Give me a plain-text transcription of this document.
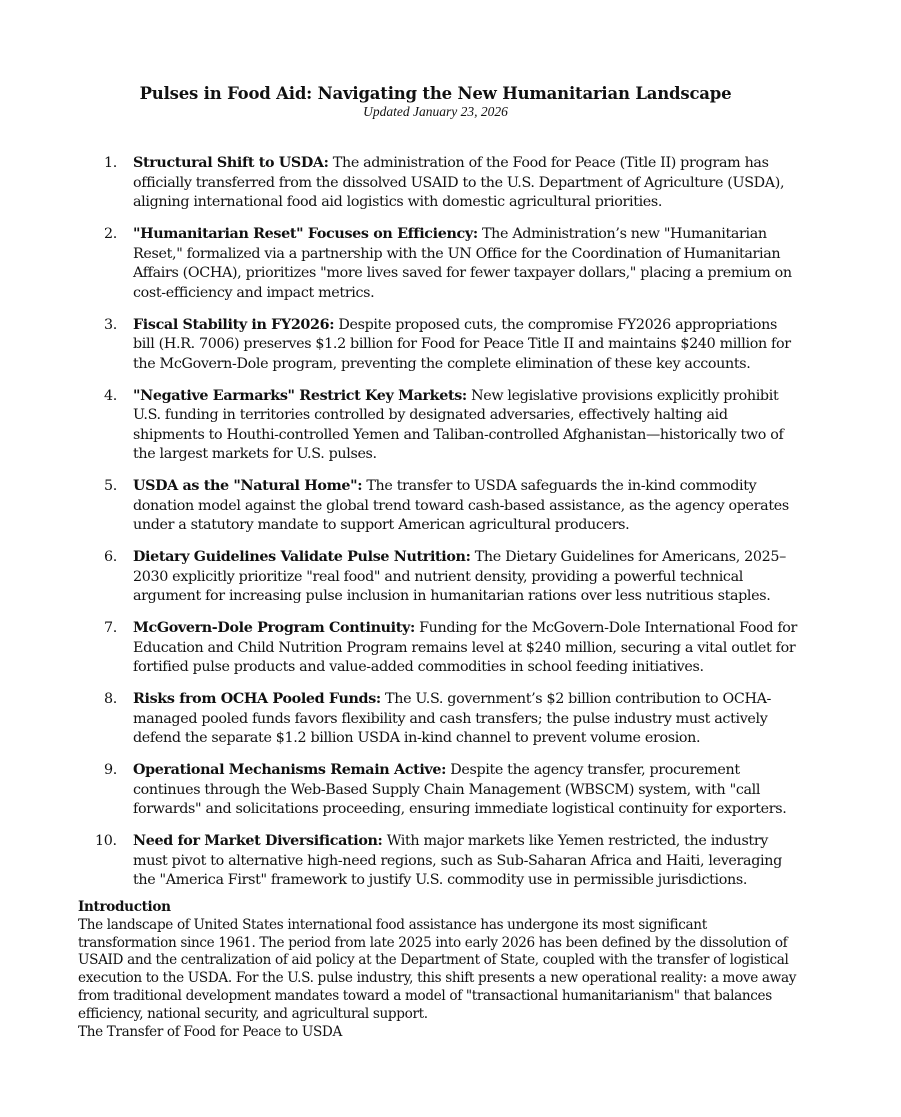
Pulses in Food Aid: Navigating the New Humanitarian Landscape
Updated January 23, 2026
1.	Structural Shift to USDA: The administration of the Food for Peace (Title II) program has officially transferred from the dissolved USAID to the U.S. Department of Agriculture (USDA), aligning international food aid logistics with domestic agricultural priorities.
2.	"Humanitarian Reset" Focuses on Efficiency: The Administration’s new "Humanitarian Reset," formalized via a partnership with the UN Office for the Coordination of Humanitarian Affairs (OCHA), prioritizes "more lives saved for fewer taxpayer dollars," placing a premium on cost-efficiency and impact metrics.
3.	Fiscal Stability in FY2026: Despite proposed cuts, the compromise FY2026 appropriations bill (H.R. 7006) preserves $1.2 billion for Food for Peace Title II and maintains $240 million for the McGovern-Dole program, preventing the complete elimination of these key accounts.
4.	"Negative Earmarks" Restrict Key Markets: New legislative provisions explicitly prohibit U.S. funding in territories controlled by designated adversaries, effectively halting aid shipments to Houthi-controlled Yemen and Taliban-controlled Afghanistan—historically two of the largest markets for U.S. pulses.
5.	USDA as the "Natural Home": The transfer to USDA safeguards the in-kind commodity donation model against the global trend toward cash-based assistance, as the agency operates under a statutory mandate to support American agricultural producers.
6.	Dietary Guidelines Validate Pulse Nutrition: The Dietary Guidelines for Americans, 2025–2030 explicitly prioritize "real food" and nutrient density, providing a powerful technical argument for increasing pulse inclusion in humanitarian rations over less nutritious staples.
7.	McGovern-Dole Program Continuity: Funding for the McGovern-Dole International Food for Education and Child Nutrition Program remains level at $240 million, securing a vital outlet for fortified pulse products and value-added commodities in school feeding initiatives.
8.	Risks from OCHA Pooled Funds: The U.S. government’s $2 billion contribution to OCHA-managed pooled funds favors flexibility and cash transfers; the pulse industry must actively defend the separate $1.2 billion USDA in-kind channel to prevent volume erosion.
9.	Operational Mechanisms Remain Active: Despite the agency transfer, procurement continues through the Web-Based Supply Chain Management (WBSCM) system, with "call forwards" and solicitations proceeding, ensuring immediate logistical continuity for exporters.
10. Need for Market Diversification: With major markets like Yemen restricted, the industry must pivot to alternative high-need regions, such as Sub-Saharan Africa and Haiti, leveraging the "America First" framework to justify U.S. commodity use in permissible jurisdictions.
Introduction
The landscape of United States international food assistance has undergone its most significant transformation since 1961. The period from late 2025 into early 2026 has been defined by the dissolution of USAID and the centralization of aid policy at the Department of State, coupled with the transfer of logistical execution to the USDA. For the U.S. pulse industry, this shift presents a new operational reality: a move away from traditional development mandates toward a model of "transactional humanitarianism" that balances efficiency, national security, and agricultural support.
The Transfer of Food for Peace to USDA
